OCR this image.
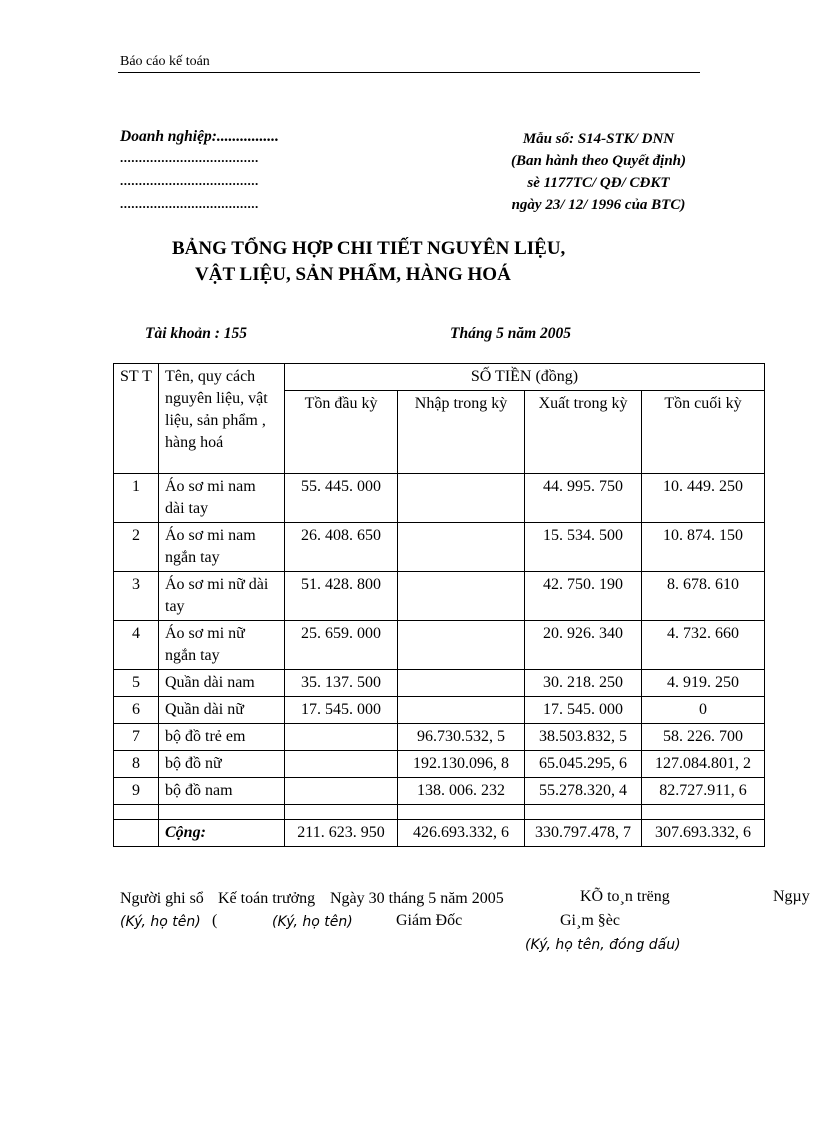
Báo cáo kế toán
Doanh nghiệp:................
.....................................
.....................................
.....................................
Mẫu số: S14-STK/ DNN
(Ban hành theo Quyết định)
sè 1177TC/ QĐ/ CĐKT
ngày 23/ 12/ 1996 của BTC)
BẢNG TỔNG HỢP CHI TIẾT NGUYÊN LIỆU,
VẬT LIỆU, SẢN PHẨM, HÀNG HOÁ
Tài khoản : 155	Tháng 5 năm 2005
ST T	Tên, quy cách nguyên liệu, vật liệu, sản phẩm , hàng hoá	SỐ TIỀN (đồng)			
		Tồn đầu kỳ	Nhập trong kỳ	Xuất trong kỳ	Tồn cuối kỳ
1	Áo sơ mi nam dài tay	55. 445. 000		44. 995. 750	10. 449. 250
2	Áo sơ mi nam ngắn tay	26. 408. 650		15. 534. 500	10. 874. 150
3	Áo sơ mi nữ dài tay	51. 428. 800		42. 750. 190	8. 678. 610
4	Áo sơ mi nữ ngắn tay	25. 659. 000		20. 926. 340	4. 732. 660
5	Quần dài nam	35. 137. 500		30. 218. 250	4. 919. 250
6	Quần dài nữ	17. 545. 000		17. 545. 000	0
7	bộ đồ trẻ em		96.730.532, 5	38.503.832, 5	58. 226. 700
8	bộ đồ nữ		192.130.096, 8	65.045.295, 6	127.084.801, 2
9	bộ đồ nam		138. 006. 232	55.278.320, 4	82.727.911, 6

	Cộng:	211. 623. 950	426.693.332, 6	330.797.478, 7	307.693.332, 6
Người ghi sổ Kế toán trưởng Ngày 30 tháng 5 năm 2005	KÕ to¸n trëng	Ngµy
(Ký, họ tên) (	(Ký, họ tên)	Giám Đốc	Gi¸m §èc
(Ký, họ tên, đóng dấu)
